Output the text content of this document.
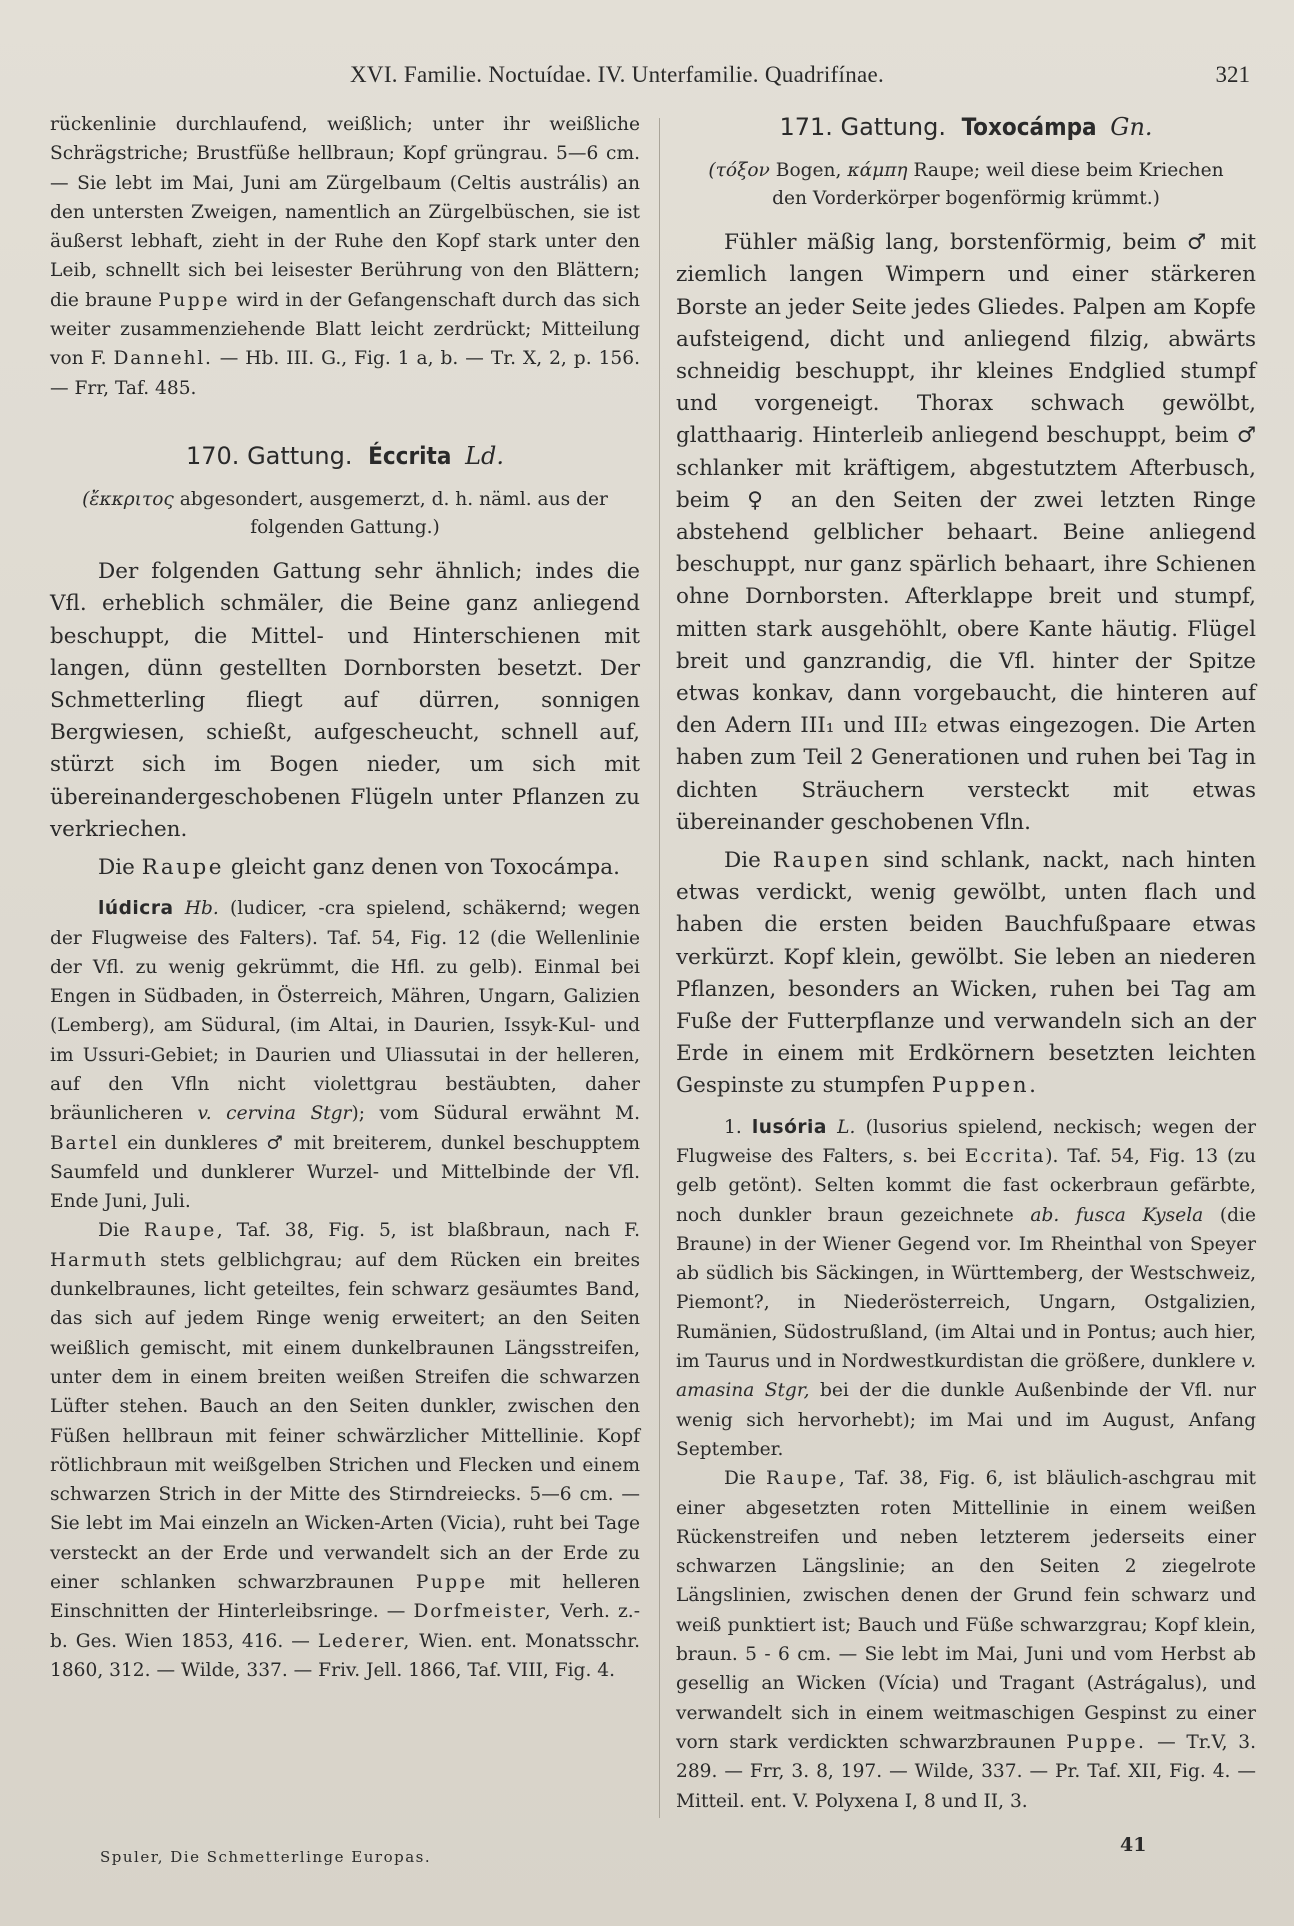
XVI. Familie. Noctuídae. IV. Unterfamilie. Quadrifínae.	321

rückenlinie durchlaufend, weißlich; unter ihr weißliche Schrägstriche; Brustfüße hellbraun; Kopf grüngrau. 5—6 cm. — Sie lebt im Mai, Juni am Zürgelbaum (Celtis austrális) an den untersten Zweigen, namentlich an Zürgelbüschen, sie ist äußerst lebhaft, zieht in der Ruhe den Kopf stark unter den Leib, schnellt sich bei leisester Berührung von den Blättern; die braune Puppe wird in der Gefangenschaft durch das sich weiter zusammenziehende Blatt leicht zerdrückt; Mitteilung von F. Dannehl. — Hb. III. G., Fig. 1 a, b. — Tr. X, 2, p. 156. — Frr, Taf. 485.

170. Gattung. Éccrita Ld.

(ἔκκριτος abgesondert, ausgemerzt, d. h. näml. aus der folgenden Gattung.)

Der folgenden Gattung sehr ähnlich; indes die Vfl. erheblich schmäler, die Beine ganz anliegend beschuppt, die Mittel- und Hinterschienen mit langen, dünn gestellten Dornborsten besetzt. Der Schmetterling fliegt auf dürren, sonnigen Bergwiesen, schießt, aufgescheucht, schnell auf, stürzt sich im Bogen nieder, um sich mit übereinandergeschobenen Flügeln unter Pflanzen zu verkriechen.

Die Raupe gleicht ganz denen von Toxocámpa.

lúdicra Hb. (ludicer, -cra spielend, schäkernd; wegen der Flugweise des Falters). Taf. 54, Fig. 12 (die Wellenlinie der Vfl. zu wenig gekrümmt, die Hfl. zu gelb). Einmal bei Engen in Südbaden, in Österreich, Mähren, Ungarn, Galizien (Lemberg), am Südural, (im Altai, in Daurien, Issyk-Kul- und im Ussuri-Gebiet; in Daurien und Uliassutai in der helleren, auf den Vfln nicht violettgrau bestäubten, daher bräunlicheren v. cervina Stgr); vom Südural erwähnt M. Bartel ein dunkleres ♂ mit breiterem, dunkel beschupptem Saumfeld und dunklerer Wurzel- und Mittelbinde der Vfl. Ende Juni, Juli.

Die Raupe, Taf. 38, Fig. 5, ist blaßbraun, nach F. Harmuth stets gelblichgrau; auf dem Rücken ein breites dunkelbraunes, licht geteiltes, fein schwarz gesäumtes Band, das sich auf jedem Ringe wenig erweitert; an den Seiten weißlich gemischt, mit einem dunkelbraunen Längsstreifen, unter dem in einem breiten weißen Streifen die schwarzen Lüfter stehen. Bauch an den Seiten dunkler, zwischen den Füßen hellbraun mit feiner schwärzlicher Mittellinie. Kopf rötlichbraun mit weißgelben Strichen und Flecken und einem schwarzen Strich in der Mitte des Stirndreiecks. 5—6 cm. — Sie lebt im Mai einzeln an Wicken-Arten (Vicia), ruht bei Tage versteckt an der Erde und verwandelt sich an der Erde zu einer schlanken schwarzbraunen Puppe mit helleren Einschnitten der Hinterleibsringe. — Dorfmeister, Verh. z.-b. Ges. Wien 1853, 416. — Lederer, Wien. ent. Monatsschr. 1860, 312. — Wilde, 337. — Friv. Jell. 1866, Taf. VIII, Fig. 4.

171. Gattung. Toxocámpa Gn.

(τόξον Bogen, κάμπη Raupe; weil diese beim Kriechen den Vorderkörper bogenförmig krümmt.)

Fühler mäßig lang, borstenförmig, beim ♂ mit ziemlich langen Wimpern und einer stärkeren Borste an jeder Seite jedes Gliedes. Palpen am Kopfe aufsteigend, dicht und anliegend filzig, abwärts schneidig beschuppt, ihr kleines Endglied stumpf und vorgeneigt. Thorax schwach gewölbt, glatthaarig. Hinterleib anliegend beschuppt, beim ♂ schlanker mit kräftigem, abgestutztem Afterbusch, beim ♀ an den Seiten der zwei letzten Ringe abstehend gelblicher behaart. Beine anliegend beschuppt, nur ganz spärlich behaart, ihre Schienen ohne Dornborsten. Afterklappe breit und stumpf, mitten stark ausgehöhlt, obere Kante häutig. Flügel breit und ganzrandig, die Vfl. hinter der Spitze etwas konkav, dann vorgebaucht, die hinteren auf den Adern III₁ und III₂ etwas eingezogen. Die Arten haben zum Teil 2 Generationen und ruhen bei Tag in dichten Sträuchern versteckt mit etwas übereinander geschobenen Vfln.

Die Raupen sind schlank, nackt, nach hinten etwas verdickt, wenig gewölbt, unten flach und haben die ersten beiden Bauchfußpaare etwas verkürzt. Kopf klein, gewölbt. Sie leben an niederen Pflanzen, besonders an Wicken, ruhen bei Tag am Fuße der Futterpflanze und verwandeln sich an der Erde in einem mit Erdkörnern besetzten leichten Gespinste zu stumpfen Puppen.

1. lusória L. (lusorius spielend, neckisch; wegen der Flugweise des Falters, s. bei Eccrita). Taf. 54, Fig. 13 (zu gelb getönt). Selten kommt die fast ockerbraun gefärbte, noch dunkler braun gezeichnete ab. fusca Kysela (die Braune) in der Wiener Gegend vor. Im Rheinthal von Speyer ab südlich bis Säckingen, in Württemberg, der Westschweiz, Piemont?, in Niederösterreich, Ungarn, Ostgalizien, Rumänien, Südostrußland, (im Altai und in Pontus; auch hier, im Taurus und in Nordwestkurdistan die größere, dunklere v. amasina Stgr, bei der die dunkle Außenbinde der Vfl. nur wenig sich hervorhebt); im Mai und im August, Anfang September.

Die Raupe, Taf. 38, Fig. 6, ist bläulich-aschgrau mit einer abgesetzten roten Mittellinie in einem weißen Rückenstreifen und neben letzterem jederseits einer schwarzen Längslinie; an den Seiten 2 ziegelrote Längslinien, zwischen denen der Grund fein schwarz und weiß punktiert ist; Bauch und Füße schwarzgrau; Kopf klein, braun. 5 - 6 cm. — Sie lebt im Mai, Juni und vom Herbst ab gesellig an Wicken (Vícia) und Tragant (Astrágalus), und verwandelt sich in einem weitmaschigen Gespinst zu einer vorn stark verdickten schwarzbraunen Puppe. — Tr.V, 3. 289. — Frr, 3. 8, 197. — Wilde, 337. — Pr. Taf. XII, Fig. 4. — Mitteil. ent. V. Polyxena I, 8 und II, 3.

Spuler, Die Schmetterlinge Europas.
41
